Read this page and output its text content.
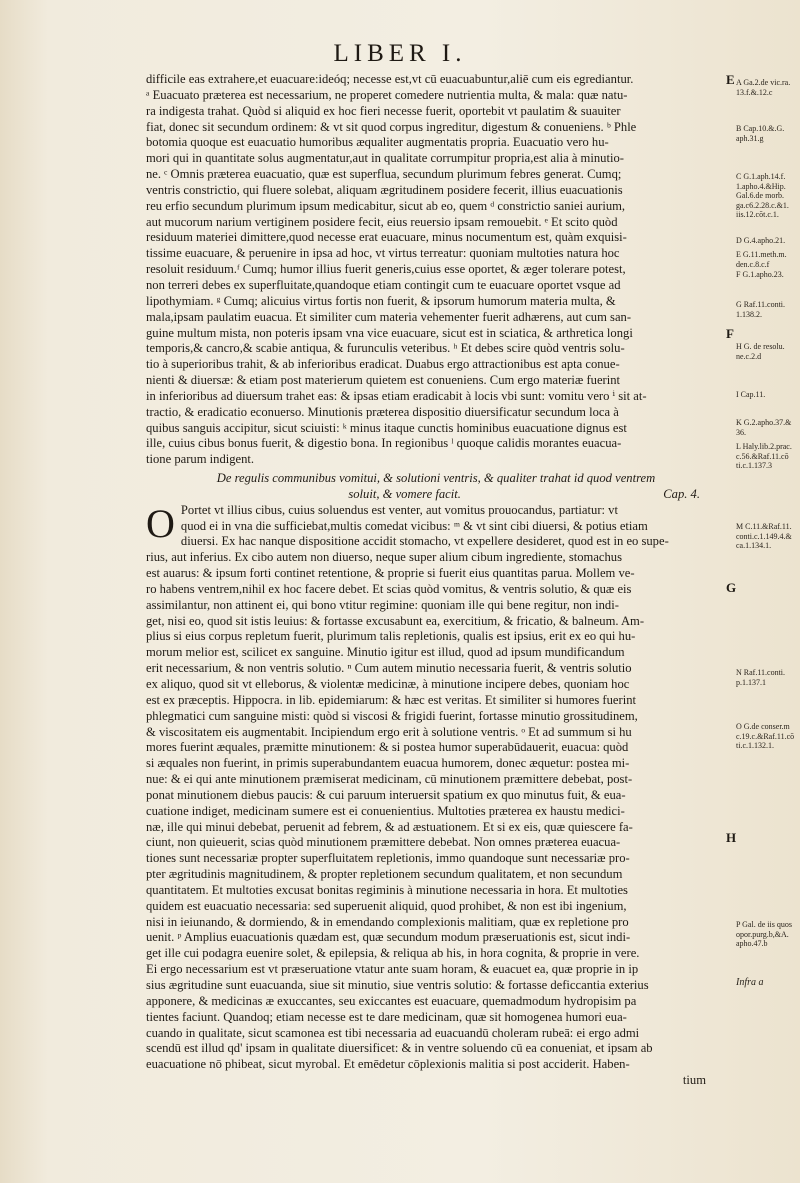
LIBER I.

difficile eas extrahere,et euacuare:ideóq; necesse est,vt cū euacuabuntur,aliē cum eis egrediantur.

ᵃ Euacuato præterea est necessarium, ne properet comedere nutrientia multa, & mala: quæ natu-

ra indigesta trahat. Quòd si aliquid ex hoc fieri necesse fuerit, oportebit vt paulatim & suauiter

fiat, donec sit secundum ordinem: & vt sit quod corpus ingreditur, digestum & conueniens. ᵇ Phle

botomia quoque est euacuatio humoribus æqualiter augmentatis propria. Euacuatio vero hu-

mori qui in quantitate solus augmentatur,aut in qualitate corrumpitur propria,est alia à minutio-

ne. ᶜ Omnis præterea euacuatio, quæ est superflua, secundum plurimum febres generat. Cumq;

ventris constrictio, qui fluere solebat, aliquam ægritudinem posidere fecerit, illius euacuationis

reu erfio secundum plurimum ipsum medicabitur, sicut ab eo, quem ᵈ constrictio saniei aurium,

aut mucorum narium vertiginem posidere fecit, eius reuersio ipsam remouebit. ᵉ Et scito quòd

residuum materiei dimittere,quod necesse erat euacuare, minus nocumentum est, quàm exquisi-

tissime euacuare, & peruenire in ipsa ad hoc, vt virtus terreatur: quoniam multoties natura hoc

resoluit residuum.ᶠ Cumq; humor illius fuerit generis,cuius esse oportet, & æger tolerare potest,

non terreri debes ex superfluitate,quandoque etiam contingit cum te euacuare oportet vsque ad

lipothymiam. ᵍ Cumq; alicuius virtus fortis non fuerit, & ipsorum humorum materia multa, &

mala,ipsam paulatim euacua. Et similiter cum materia vehementer fuerit adhærens, aut cum san-

guine multum mista, non poteris ipsam vna vice euacuare, sicut est in sciatica, & arthretica longi

temporis,& cancro,& scabie antiqua, & furunculis veteribus. ʰ Et debes scire quòd ventris solu-

tio à superioribus trahit, & ab inferioribus eradicat. Duabus ergo attractionibus est apta conue-

nienti & diuersæ: & etiam post materierum quietem est conueniens. Cum ergo materiæ fuerint

in inferioribus ad diuersum trahet eas: & ipsas etiam eradicabit à locis vbi sunt: vomitu vero ⁱ sit at-

tractio, & eradicatio econuerso. Minutionis præterea dispositio diuersificatur secundum loca à

quibus sanguis accipitur, sicut sciuisti: ᵏ minus itaque cunctis hominibus euacuatione dignus est

ille, cuius cibus bonus fuerit, & digestio bona. In regionibus ˡ quoque calidis morantes euacua-

tione parum indigent.

De regulis communibus vomitui, & solutioni ventris, & qualiter trahat id quod ventrem
soluit, & vomere facit.	Cap. 4.
O Portet vt illius cibus, cuius soluendus est venter, aut vomitus prouocandus, partiatur: vt

quod ei in vna die sufficiebat,multis comedat vicibus: ᵐ & vt sint cibi diuersi, & potius etiam

diuersi. Ex hac nanque dispositione accidit stomacho, vt expellere desideret, quod est in eo supe-

rius, aut inferius. Ex cibo autem non diuerso, neque super alium cibum ingrediente, stomachus

est auarus: & ipsum forti continet retentione, & proprie si fuerit eius quantitas parua. Mollem ve-

ro habens ventrem,nihil ex hoc facere debet. Et scias quòd vomitus, & ventris solutio, & quæ eis

assimilantur, non attinent ei, qui bono vtitur regimine: quoniam ille qui bene regitur, non indi-

get, nisi eo, quod sit istis leuius: & fortasse excusabunt ea, exercitium, & fricatio, & balneum. Am-

plius si eius corpus repletum fuerit, plurimum talis repletionis, qualis est ipsius, erit ex eo qui hu-

morum melior est, scilicet ex sanguine. Minutio igitur est illud, quod ad ipsum mundificandum

erit necessarium, & non ventris solutio. ⁿ Cum autem minutio necessaria fuerit, & ventris solutio

ex aliquo, quod sit vt elleborus, & violentæ medicinæ, à minutione incipere debes, quoniam hoc

est ex præceptis. Hippocra. in lib. epidemiarum: & hæc est veritas. Et similiter si humores fuerint

phlegmatici cum sanguine misti: quòd si viscosi & frigidi fuerint, fortasse minutio grossitudinem,

& viscositatem eis augmentabit. Incipiendum ergo erit à solutione ventris. ᵒ Et ad summum si hu

mores fuerint æquales, præmitte minutionem: & si postea humor superabūdauerit, euacua: quòd

si æquales non fuerint, in primis superabundantem euacua humorem, donec æquetur: postea mi-

nue: & ei qui ante minutionem præmiserat medicinam, cū minutionem præmittere debebat, post-

ponat minutionem diebus paucis: & cui paruum interuersit spatium ex quo minutus fuit, & eua-

cuatione indiget, medicinam sumere est ei conuenientius. Multoties præterea ex haustu medici-

næ, ille qui minui debebat, peruenit ad febrem, & ad æstuationem. Et si ex eis, quæ quiescere fa-

ciunt, non quieuerit, scias quòd minutionem præmittere debebat. Non omnes præterea euacua-

tiones sunt necessariæ propter superfluitatem repletionis, immo quandoque sunt necessariæ pro-

pter ægritudinis magnitudinem, & propter repletionem secundum qualitatem, et non secundum

quantitatem. Et multoties excusat bonitas regiminis à minutione necessaria in hora. Et multoties

quidem est euacuatio necessaria: sed superuenit aliquid, quod prohibet, & non est ibi ingenium,

nisi in ieiunando, & dormiendo, & in emendando complexionis malitiam, quæ ex repletione pro

uenit. ᵖ Amplius euacuationis quædam est, quæ secundum modum præseruationis est, sicut indi-

get ille cui podagra euenire solet, & epilepsia, & reliqua ab his, in hora cognita, & proprie in vere.

Ei ergo necessarium est vt præseruatione vtatur ante suam horam, & euacuet ea, quæ proprie in ip

sius ægritudine sunt euacuanda, siue sit minutio, siue ventris solutio: & fortasse deficcantia exterius

apponere, & medicinas æ exuccantes, seu exiccantes est euacuare, quemadmodum hydropisim pa

tientes faciunt. Quandoq; etiam necesse est te dare medicinam, quæ sit homogenea humori eua-

cuando in qualitate, sicut scamonea est tibi necessaria ad euacuandū choleram rubeā: ei ergo admi

scendū est illud qd' ipsam in qualitate diuersificet: & in ventre soluendo cū ea conueniat, et ipsam ab

euacuatione nō phibeat, sicut myrobal. Et emēdetur cōplexionis malitia si post acciderit. Haben-

tium

E
F
G
H
A Ga.2.de vic.ra. 13.f.&.12.c
B Cap.10.&.G. aph.31.g
C G.1.aph.14.f. 1.apho.4.&Hip. Gal.6.de morb. ga.c6.2.28.c.&1. iis.12.cōt.c.1.
D G.4.apho.21.
E G.11.meth.m. den.c.8.c.f
F G.1.apho.23.
G Raf.11.conti. 1.138.2.
H G. de resolu. ne.c.2.d
I Cap.11.
K G.2.apho.37.& 36.
L Haly.lib.2.prac. c.56.&Raf.11.cō ti.c.1.137.3
M C.11.&Raf.11. conti.c.1.149.4.& ca.1.134.1.
N Raf.11.conti. p.1.137.1
O G.de conser.m c.19.c.&Raf.11.cō ti.c.1.132.1.
P Gal. de iis quos opor.purg.b,&A. apho.47.b
Infra a
